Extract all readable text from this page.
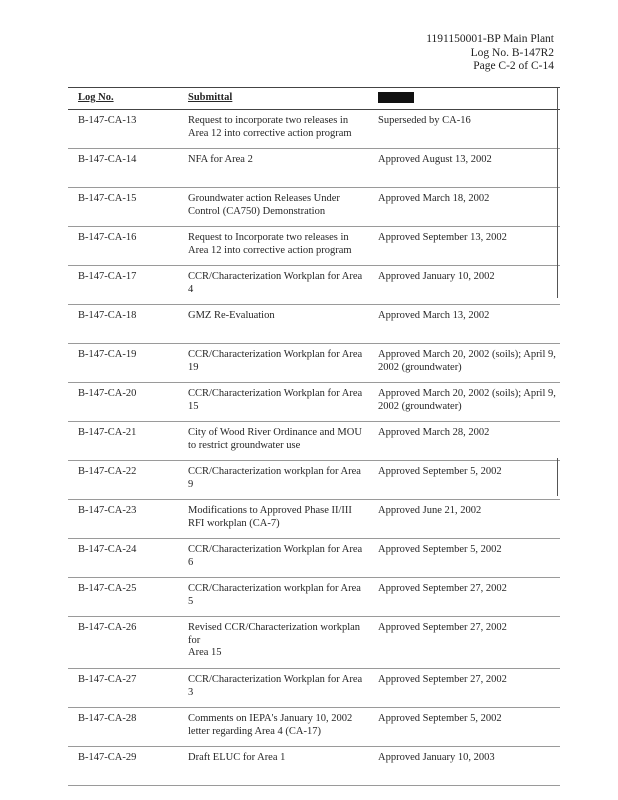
1191150001-BP Main Plant
Log No. B-147R2
Page C-2 of C-14
Log No.	Submittal	
B-147-CA-13	Request to incorporate two releases in Area 12 into corrective action program	Superseded by CA-16
B-147-CA-14	NFA for Area 2	Approved August 13, 2002
B-147-CA-15	Groundwater action Releases Under Control (CA750) Demonstration	Approved March 18, 2002
B-147-CA-16	Request to Incorporate two releases in Area 12 into corrective action program	Approved September 13, 2002
B-147-CA-17	CCR/Characterization Workplan for Area 4	Approved January 10, 2002
B-147-CA-18	GMZ Re-Evaluation	Approved March 13, 2002
B-147-CA-19	CCR/Characterization Workplan for Area 19	Approved March 20, 2002 (soils); April 9, 2002 (groundwater)
B-147-CA-20	CCR/Characterization Workplan for Area 15	Approved March 20, 2002 (soils); April 9, 2002 (groundwater)
B-147-CA-21	City of Wood River Ordinance and MOU to restrict groundwater use	Approved March 28, 2002
B-147-CA-22	CCR/Characterization workplan for Area 9	Approved September 5, 2002
B-147-CA-23	Modifications to Approved Phase II/III RFI workplan (CA-7)	Approved June 21, 2002
B-147-CA-24	CCR/Characterization Workplan for Area 6	Approved September 5, 2002
B-147-CA-25	CCR/Characterization workplan for Area 5	Approved September 27, 2002
B-147-CA-26	Revised CCR/Characterization workplan for
Area 15	Approved September 27, 2002
B-147-CA-27	CCR/Characterization Workplan for Area 3	Approved September 27, 2002
B-147-CA-28	Comments on IEPA's January 10, 2002 letter regarding Area 4 (CA-17)	Approved September 5, 2002
B-147-CA-29	Draft ELUC for Area 1	Approved January 10, 2003
